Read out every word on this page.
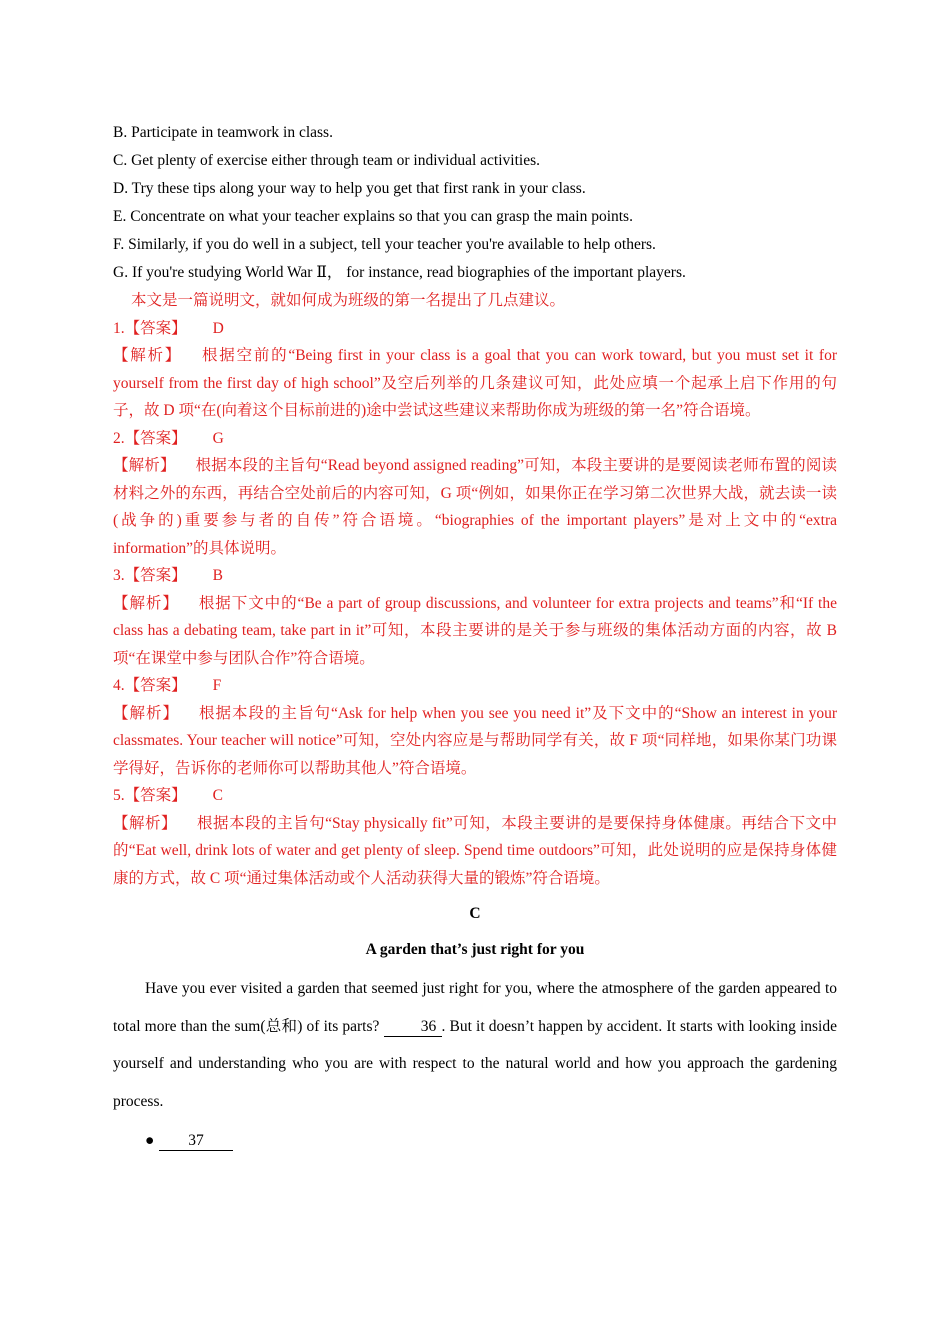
B. Participate in teamwork in class.
C. Get plenty of exercise either through team or individual activities.
D. Try these tips along your way to help you get that first rank in your class.
E. Concentrate on what your teacher explains so that you can grasp the main points.
F. Similarly, if you do well in a subject, tell your teacher you're available to help others.
G. If you're studying World War Ⅱ， for instance, read biographies of the important players.
本文是一篇说明文，就如何成为班级的第一名提出了几点建议。
1.【答案】 D
【解析】 根据空前的“Being first in your class is a goal that you can work toward, but you must set it for yourself from the first day of high school”及空后列举的几条建议可知，此处应填一个起承上启下作用的句子，故 D 项“在(向着这个目标前进的)途中尝试这些建议来帮助你成为班级的第一名”符合语境。
2.【答案】 G
【解析】 根据本段的主旨句“Read beyond assigned reading”可知，本段主要讲的是要阅读老师布置的阅读材料之外的东西，再结合空处前后的内容可知，G 项“例如，如果你正在学习第二次世界大战，就去读一读(战争的)重要参与者的自传”符合语境。“biographies of the important players”是对上文中的“extra information”的具体说明。
3.【答案】 B
【解析】 根据下文中的“Be a part of group discussions, and volunteer for extra projects and teams”和“If the class has a debating team, take part in it”可知，本段主要讲的是关于参与班级的集体活动方面的内容，故 B 项“在课堂中参与团队合作”符合语境。
4.【答案】 F
【解析】 根据本段的主旨句“Ask for help when you see you need it”及下文中的“Show an interest in your classmates. Your teacher will notice”可知，空处内容应是与帮助同学有关，故 F 项“同样地，如果你某门功课学得好，告诉你的老师你可以帮助其他人”符合语境。
5.【答案】 C
【解析】 根据本段的主旨句“Stay physically fit”可知，本段主要讲的是要保持身体健康。再结合下文中的“Eat well, drink lots of water and get plenty of sleep. Spend time outdoors”可知，此处说明的应是保持身体健康的方式，故 C 项“通过集体活动或个人活动获得大量的锻炼”符合语境。
C
A garden that’s just right for you
Have you ever visited a garden that seemed just right for you, where the atmosphere of the garden appeared to total more than the sum(总和) of its parts?	36 . But it doesn’t happen by accident. It starts with looking inside yourself and understanding who you are with respect to the natural world and how you approach the gardening process.
● 37
